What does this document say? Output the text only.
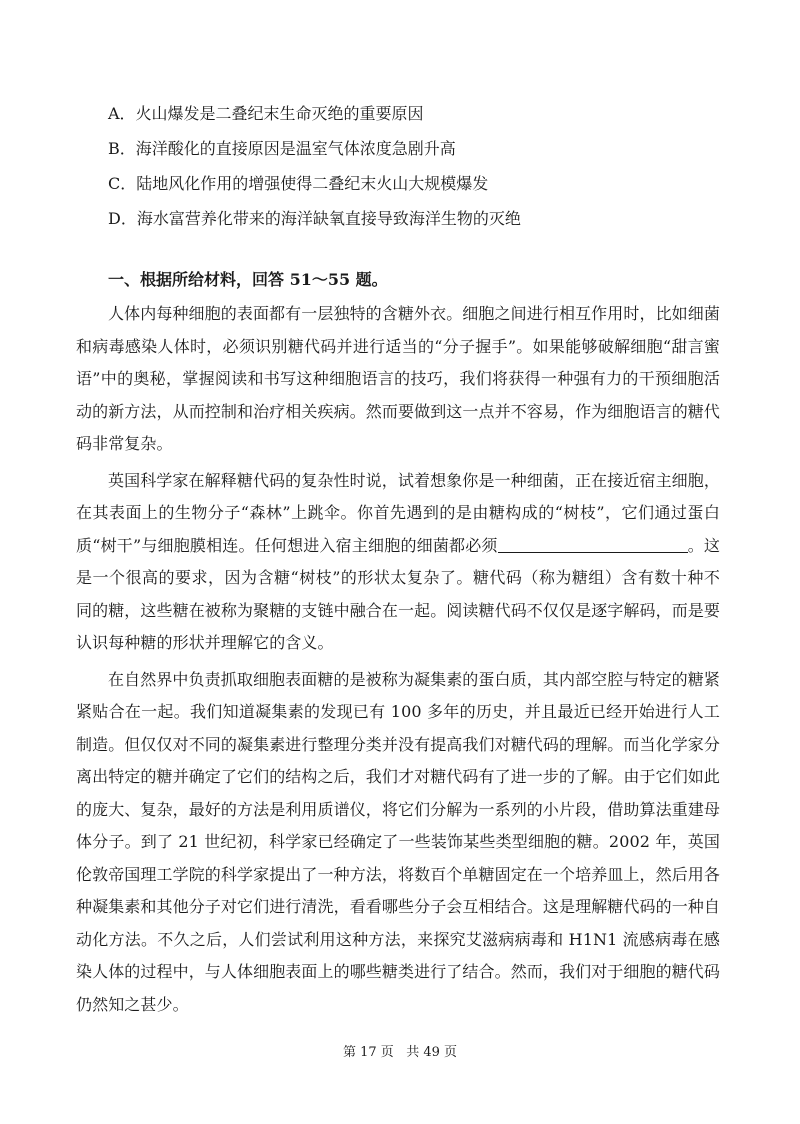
A．火山爆发是二叠纪末生命灭绝的重要原因
B．海洋酸化的直接原因是温室气体浓度急剧升高
C．陆地风化作用的增强使得二叠纪末火山大规模爆发
D．海水富营养化带来的海洋缺氧直接导致海洋生物的灭绝
一、根据所给材料，回答 51～55 题。

人体内每种细胞的表面都有一层独特的含糖外衣。细胞之间进行相互作用时，比如细菌和病毒感染人体时，必须识别糖代码并进行适当的“分子握手”。如果能够破解细胞“甜言蜜语”中的奥秘，掌握阅读和书写这种细胞语言的技巧，我们将获得一种强有力的干预细胞活动的新方法，从而控制和治疗相关疾病。然而要做到这一点并不容易，作为细胞语言的糖代码非常复杂。

英国科学家在解释糖代码的复杂性时说，试着想象你是一种细菌，正在接近宿主细胞，在其表面上的生物分子“森林”上跳伞。你首先遇到的是由糖构成的“树枝”，它们通过蛋白质“树干”与细胞膜相连。任何想进入宿主细胞的细菌都必须	。这是一个很高的要求，因为含糖“树枝”的形状太复杂了。糖代码（称为糖组）含有数十种不同的糖，这些糖在被称为聚糖的支链中融合在一起。阅读糖代码不仅仅是逐字解码，而是要认识每种糖的形状并理解它的含义。

在自然界中负责抓取细胞表面糖的是被称为凝集素的蛋白质，其内部空腔与特定的糖紧紧贴合在一起。我们知道凝集素的发现已有 100 多年的历史，并且最近已经开始进行人工制造。但仅仅对不同的凝集素进行整理分类并没有提高我们对糖代码的理解。而当化学家分离出特定的糖并确定了它们的结构之后，我们才对糖代码有了进一步的了解。由于它们如此的庞大、复杂，最好的方法是利用质谱仪，将它们分解为一系列的小片段，借助算法重建母体分子。到了 21 世纪初，科学家已经确定了一些装饰某些类型细胞的糖。2002 年，英国伦敦帝国理工学院的科学家提出了一种方法，将数百个单糖固定在一个培养皿上，然后用各种凝集素和其他分子对它们进行清洗，看看哪些分子会互相结合。这是理解糖代码的一种自动化方法。不久之后，人们尝试利用这种方法，来探究艾滋病病毒和 H1N1 流感病毒在感染人体的过程中，与人体细胞表面上的哪些糖类进行了结合。然而，我们对于细胞的糖代码仍然知之甚少。

第 17 页   共 49 页
